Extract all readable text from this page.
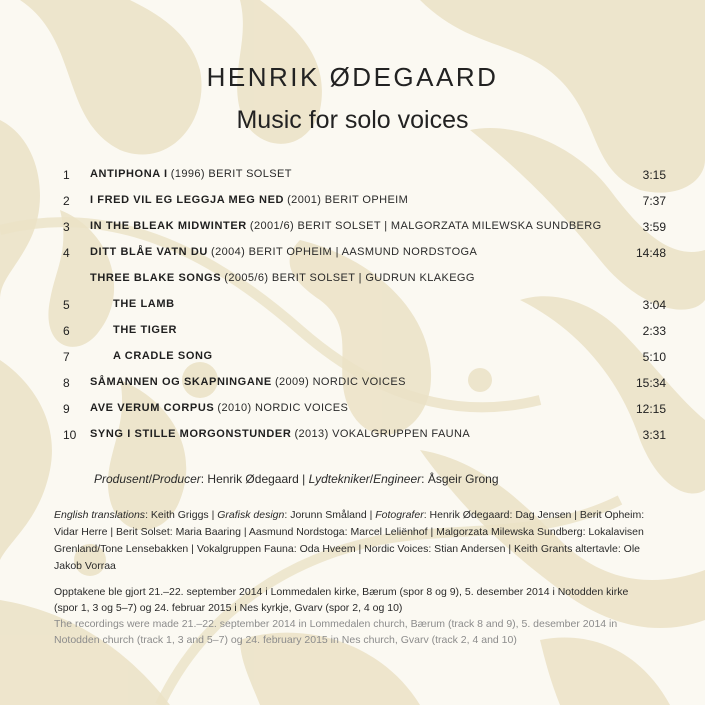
HENRIK ØDEGAARD
Music for solo voices
1	ANTIPHONA I (1996) BERIT SOLSET	3:15
2	I FRED VIL EG LEGGJA MEG NED (2001) BERIT OPHEIM	7:37
3	IN THE BLEAK MIDWINTER (2001/6) BERIT SOLSET | MALGORZATA MILEWSKA SUNDBERG	3:59
4	DITT BLÅE VATN DU (2004) BERIT OPHEIM | AASMUND NORDSTOGA	14:48
THREE BLAKE SONGS (2005/6) BERIT SOLSET | GUDRUN KLAKEGG
5	THE LAMB	3:04
6	THE TIGER	2:33
7	A CRADLE SONG	5:10
8	SÅMANNEN OG SKAPNINGANE (2009) NORDIC VOICES	15:34
9	AVE VERUM CORPUS (2010) NORDIC VOICES	12:15
10	SYNG I STILLE MORGONSTUNDER (2013) VOKALGRUPPEN FAUNA	3:31
Produsent/Producer: Henrik Ødegaard | Lydtekniker/Engineer: Åsgeir Grong
English translations: Keith Griggs | Grafisk design: Jorunn Småland | Fotografer: Henrik Ødegaard: Dag Jensen | Berit Opheim: Vidar Herre | Berit Solset: Maria Baaring | Aasmund Nordstoga: Marcel Leliënhof | Malgorzata Milewska Sundberg: Lokalavisen Grenland/Tone Lensebakken | Vokalgruppen Fauna: Oda Hveem | Nordic Voices: Stian Andersen | Keith Grants altertavle: Ole Jakob Vorraa
Opptakene ble gjort 21.–22. september 2014 i Lommedalen kirke, Bærum (spor 8 og 9), 5. desember 2014 i Notodden kirke (spor 1, 3 og 5–7) og 24. februar 2015 i Nes kyrkje, Gvarv (spor 2, 4 og 10)
The recordings were made 21.–22. september 2014 in Lommedalen church, Bærum (track 8 and 9), 5. desember 2014 in Notodden church (track 1, 3 and 5–7) og 24. february 2015 in Nes church, Gvarv (track 2, 4 and 10)
